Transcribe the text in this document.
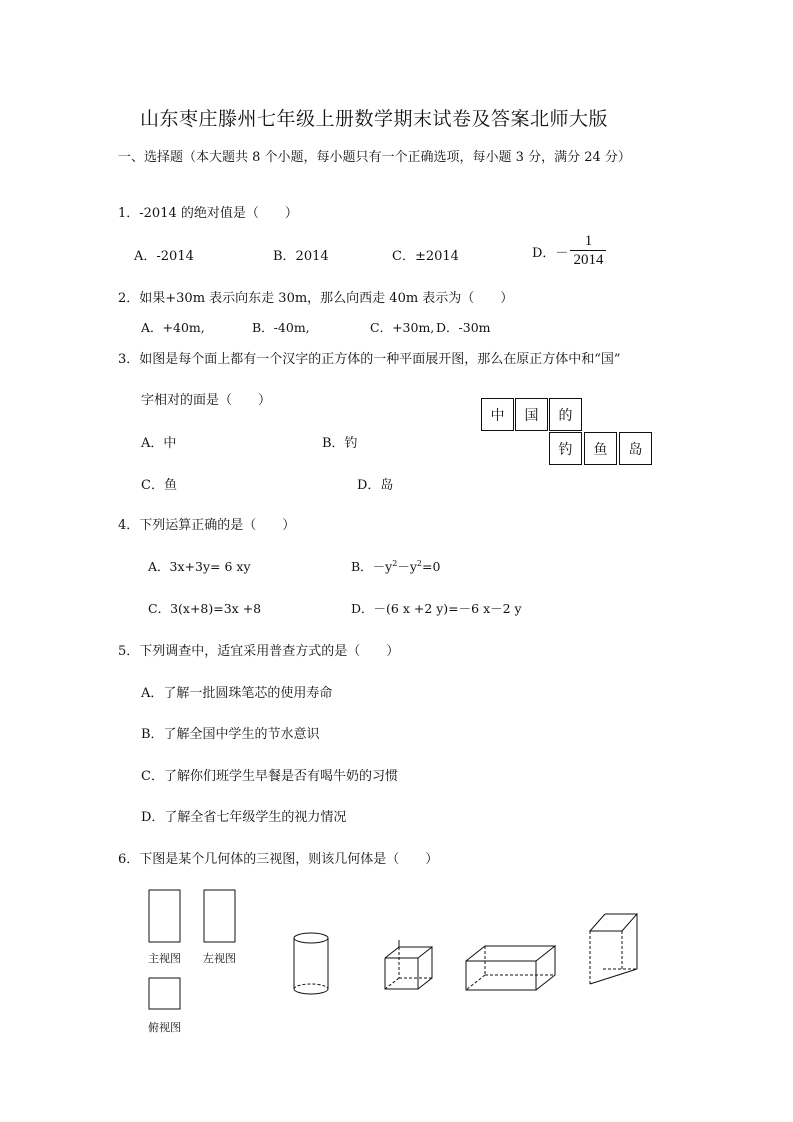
山东枣庄滕州七年级上册数学期末试卷及答案北师大版
一、选择题（本大题共 8 个小题，每小题只有一个正确选项，每小题 3 分，满分 24 分）
1．-2014 的绝对值是（　　）
A．-2014	B．2014	C．±2014	D．－ $\frac{1}{2014}$
2．如果+30m 表示向东走 30m，那么向西走 40m 表示为（　　）
A．+40m,	B．-40m,	C．+30m, D．-30m
3．如图是每个面上都有一个汉字的正方体的一种平面展开图，那么在原正方体中和“国”
字相对的面是（　　）
A．中	B．钓
C．鱼	D．岛
中	国	的
钓	鱼	岛
4．下列运算正确的是（　　）
A．3x+3y= 6 xy	B．$-y^2-y^2=0$
C．3(x+8)=3x +8	D．－(6 x +2 y)=－6 x－2 y
5．下列调查中，适宜采用普查方式的是（　　）
A．了解一批圆珠笔芯的使用寿命
B．了解全国中学生的节水意识
C．了解你们班学生早餐是否有喝牛奶的习惯
D．了解全省七年级学生的视力情况
6．下图是某个几何体的三视图，则该几何体是（　　）
主视图 左视图
俯视图
